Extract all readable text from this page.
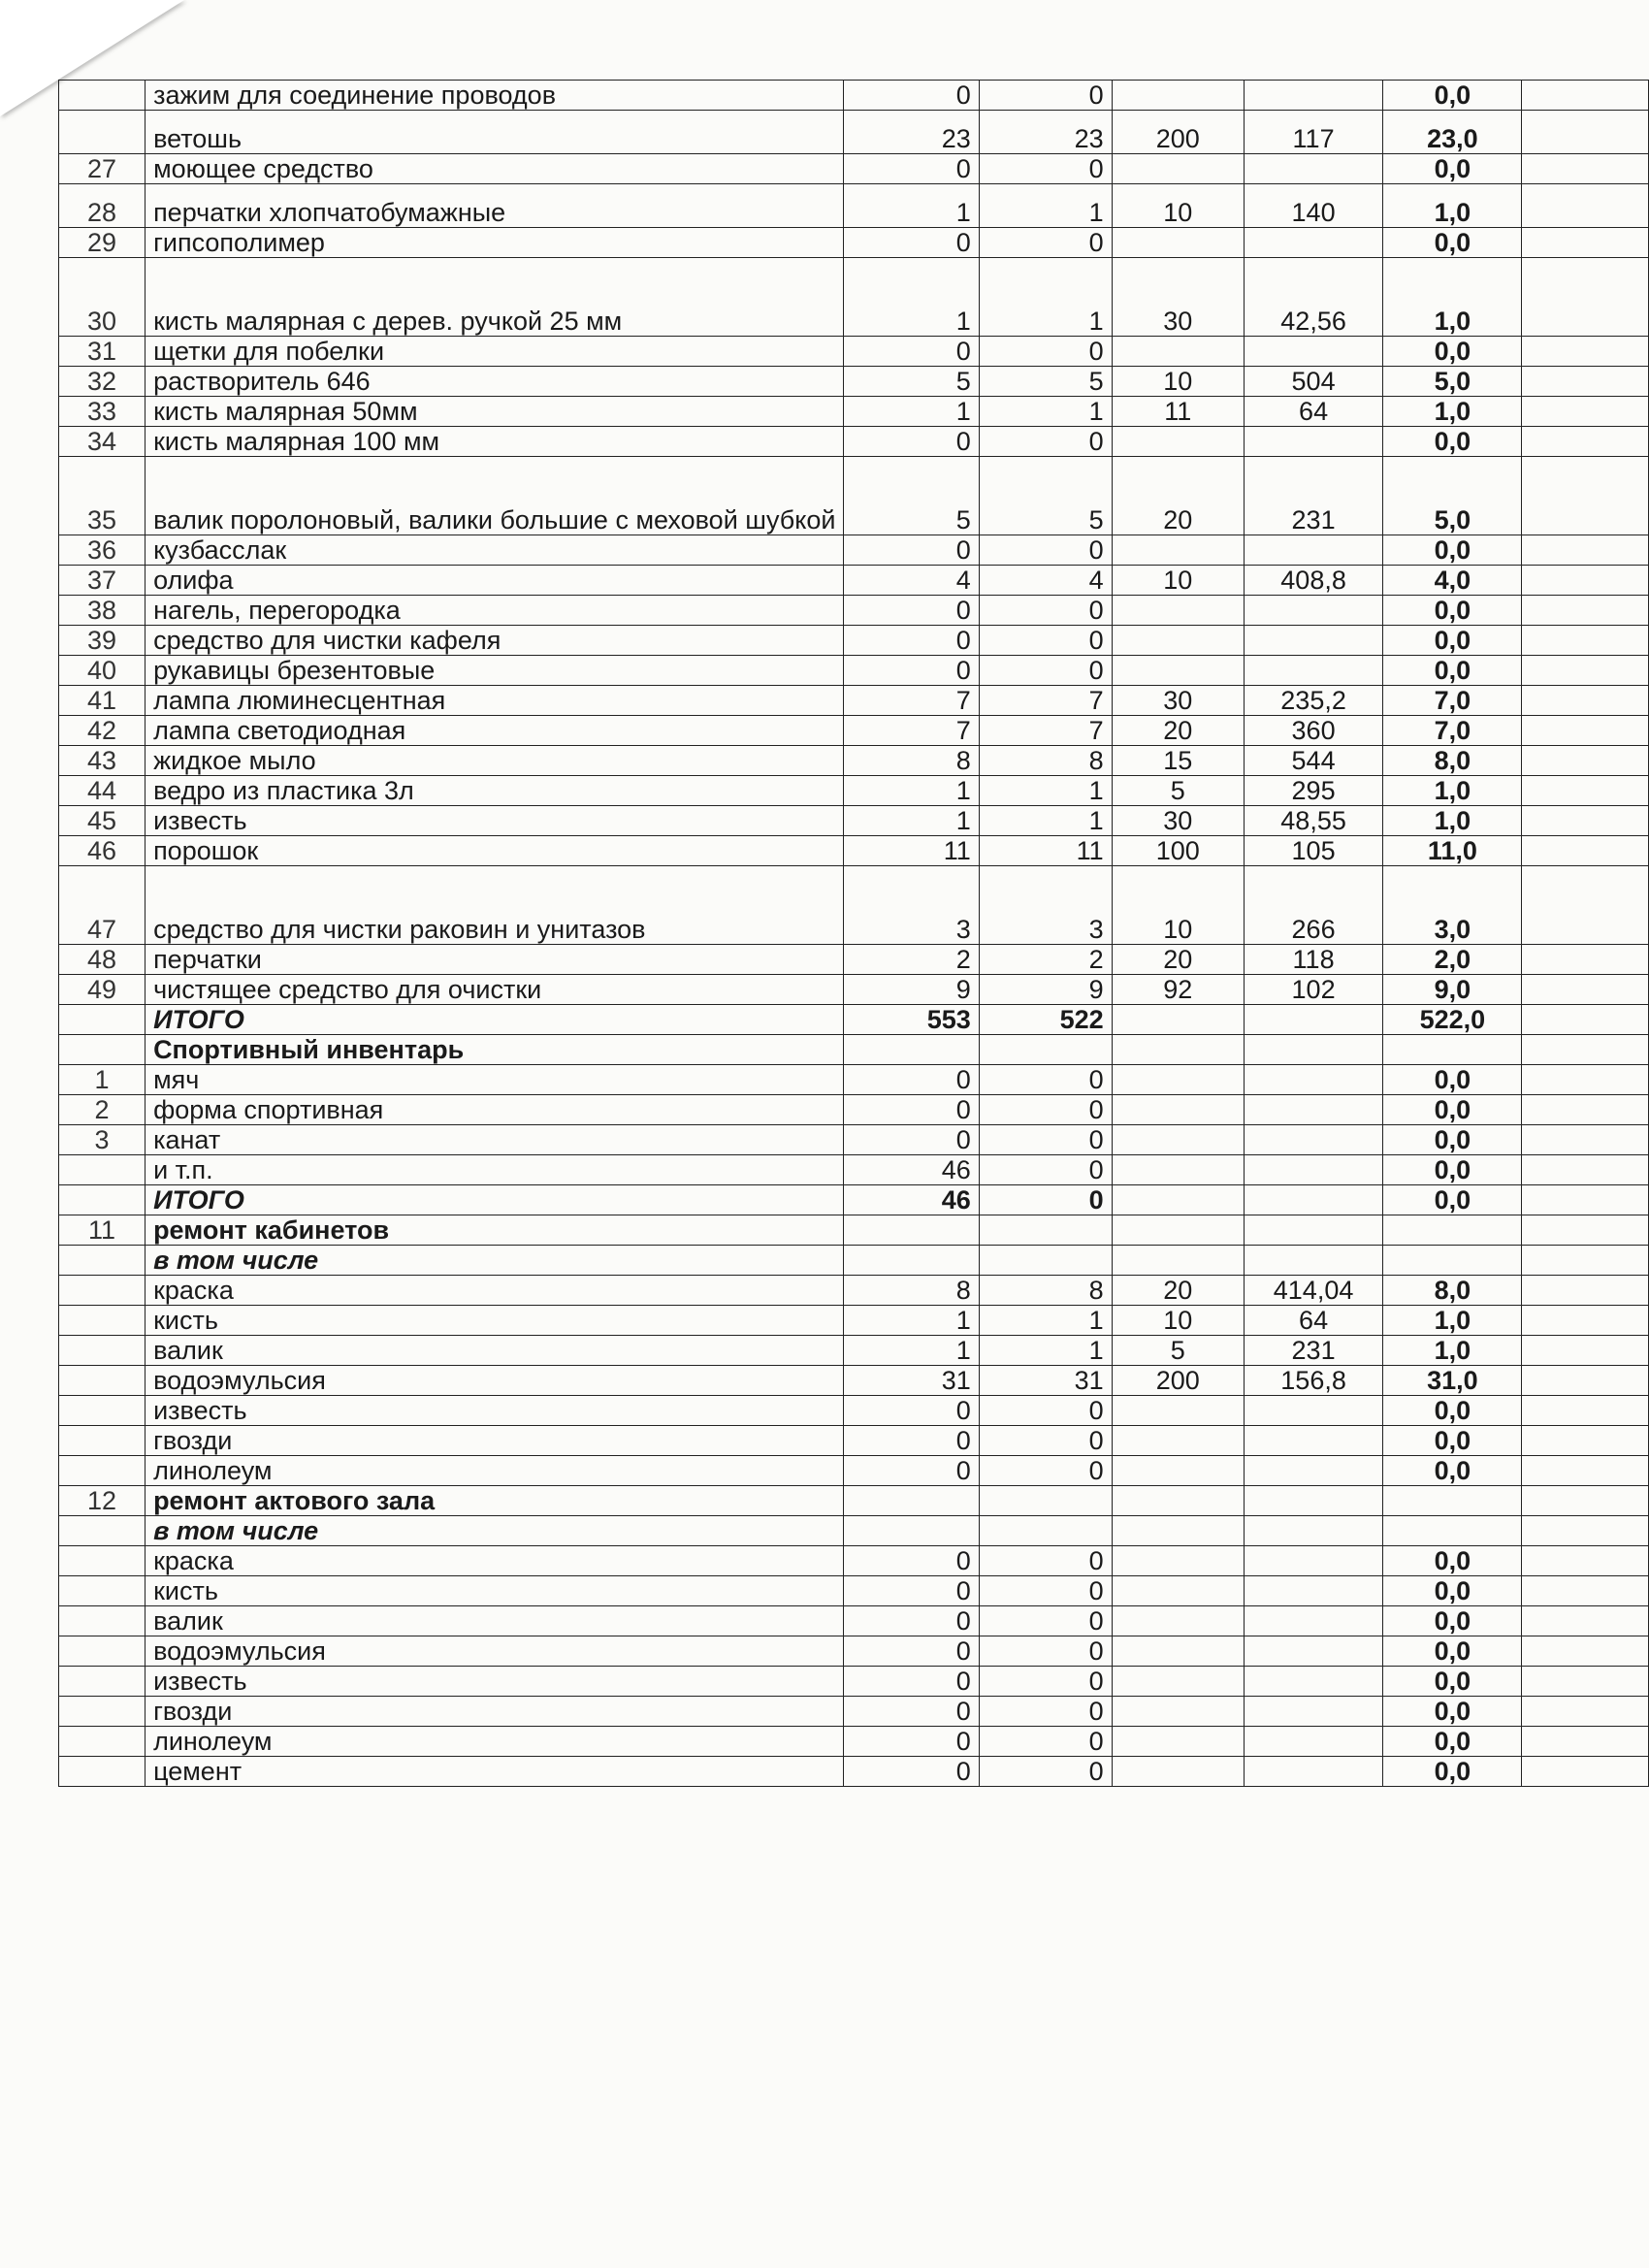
	зажим для соединение проводов	0	0			0,0	
	ветошь	23	23	200	117	23,0	
27	моющее средство	0	0			0,0	
28	перчатки хлопчатобумажные	1	1	10	140	1,0	
29	гипсополимер	0	0			0,0	
30	кисть малярная с дерев. ручкой 25 мм	1	1	30	42,56	1,0	
31	щетки для побелки	0	0			0,0	
32	растворитель 646	5	5	10	504	5,0	
33	кисть малярная 50мм	1	1	11	64	1,0	
34	кисть малярная 100 мм	0	0			0,0	
35	валик поролоновый, валики большие с меховой шубкой	5	5	20	231	5,0	
36	кузбасслак	0	0			0,0	
37	олифа	4	4	10	408,8	4,0	
38	нагель, перегородка	0	0			0,0	
39	средство для чистки кафеля	0	0			0,0	
40	рукавицы брезентовые	0	0			0,0	
41	лампа люминесцентная	7	7	30	235,2	7,0	
42	лампа светодиодная	7	7	20	360	7,0	
43	жидкое мыло	8	8	15	544	8,0	
44	ведро из пластика 3л	1	1	5	295	1,0	
45	известь	1	1	30	48,55	1,0	
46	порошок	11	11	100	105	11,0	
47	средство для чистки раковин и унитазов	3	3	10	266	3,0	
48	перчатки	2	2	20	118	2,0	
49	чистящее средство для очистки	9	9	92	102	9,0	
	ИТОГО	553	522			522,0	
	Спортивный инвентарь						
1	мяч	0	0			0,0	
2	форма спортивная	0	0			0,0	
3	канат	0	0			0,0	
	и т.п.	46	0			0,0	
	ИТОГО	46	0			0,0	
11	ремонт кабинетов						
	в том числе						
	краска	8	8	20	414,04	8,0	
	кисть	1	1	10	64	1,0	
	валик	1	1	5	231	1,0	
	водоэмульсия	31	31	200	156,8	31,0	
	известь	0	0			0,0	
	гвозди	0	0			0,0	
	линолеум	0	0			0,0	
12	ремонт актового зала						
	в том числе						
	краска	0	0			0,0	
	кисть	0	0			0,0	
	валик	0	0			0,0	
	водоэмульсия	0	0			0,0	
	известь	0	0			0,0	
	гвозди	0	0			0,0	
	линолеум	0	0			0,0	
	цемент	0	0			0,0	
